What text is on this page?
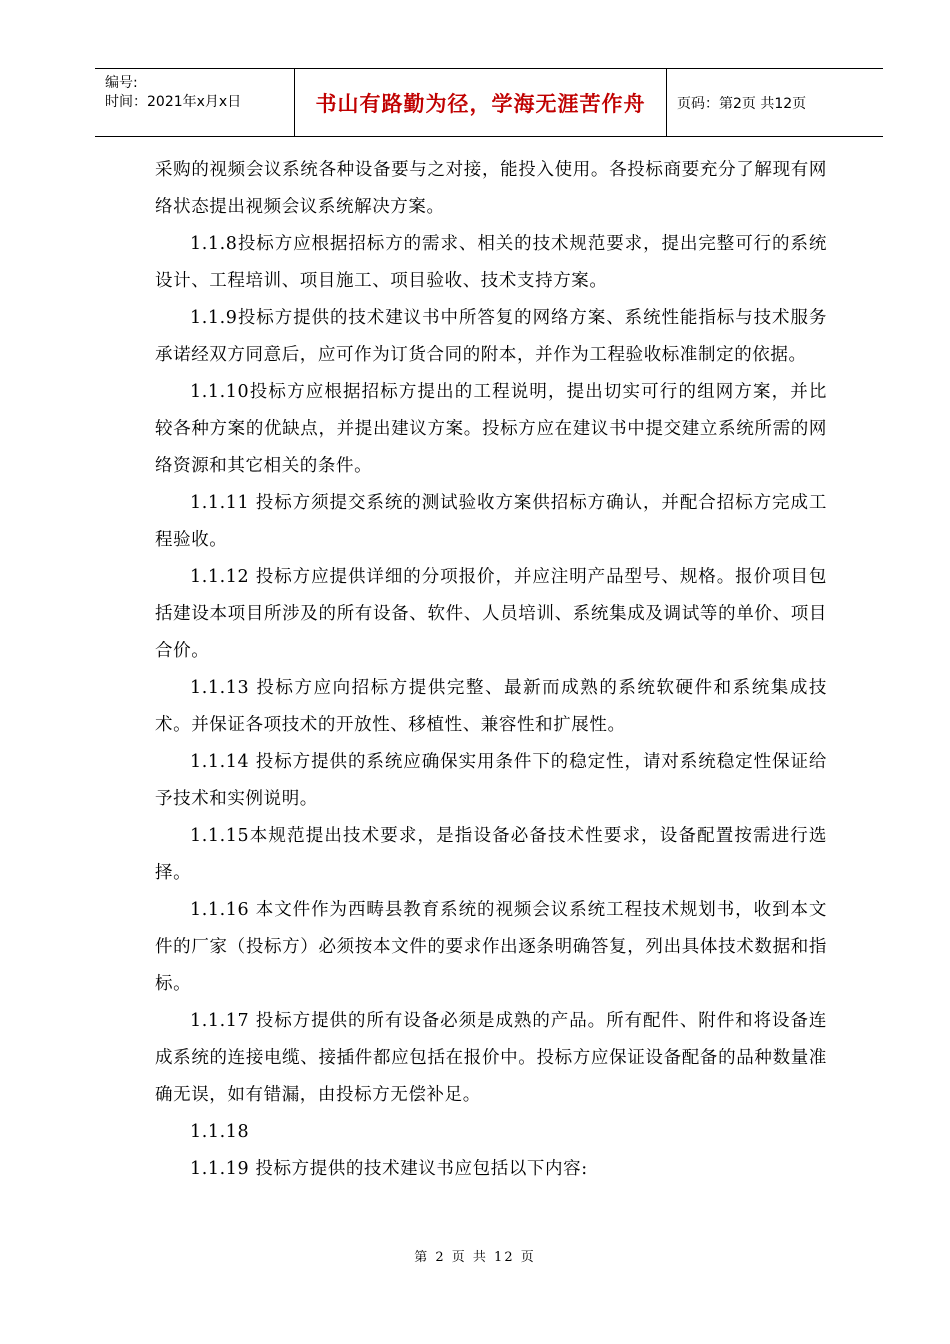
编号:
时间：2021年x月x日	书山有路勤为径，学海无涯苦作舟 页码：第2页 共12页

采购的视频会议系统各种设备要与之对接，能投入使用。各投标商要充分了解现有网络状态提出视频会议系统解决方案。

1.1.8投标方应根据招标方的需求、相关的技术规范要求，提出完整可行的系统设计、工程培训、项目施工、项目验收、技术支持方案。

1.1.9投标方提供的技术建议书中所答复的网络方案、系统性能指标与技术服务承诺经双方同意后，应可作为订货合同的附本，并作为工程验收标准制定的依据。

1.1.10投标方应根据招标方提出的工程说明，提出切实可行的组网方案，并比较各种方案的优缺点，并提出建议方案。投标方应在建议书中提交建立系统所需的网络资源和其它相关的条件。

1.1.11 投标方须提交系统的测试验收方案供招标方确认，并配合招标方完成工程验收。

1.1.12 投标方应提供详细的分项报价，并应注明产品型号、规格。报价项目包括建设本项目所涉及的所有设备、软件、人员培训、系统集成及调试等的单价、项目合价。

1.1.13 投标方应向招标方提供完整、最新而成熟的系统软硬件和系统集成技术。并保证各项技术的开放性、移植性、兼容性和扩展性。

1.1.14 投标方提供的系统应确保实用条件下的稳定性，请对系统稳定性保证给予技术和实例说明。

1.1.15本规范提出技术要求，是指设备必备技术性要求，设备配置按需进行选择。

1.1.16 本文件作为西畴县教育系统的视频会议系统工程技术规划书，收到本文件的厂家（投标方）必须按本文件的要求作出逐条明确答复，列出具体技术数据和指标。

1.1.17 投标方提供的所有设备必须是成熟的产品。所有配件、附件和将设备连成系统的连接电缆、接插件都应包括在报价中。投标方应保证设备配备的品种数量准确无误，如有错漏，由投标方无偿补足。

1.1.18

1.1.19 投标方提供的技术建议书应包括以下内容:

第 2 页 共 12 页
